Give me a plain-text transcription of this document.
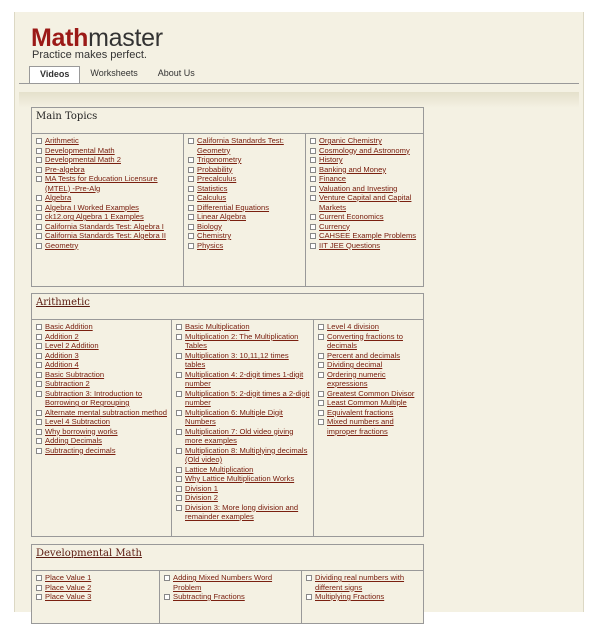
Mathmaster
Practice makes perfect.
Videos	Worksheets	About Us
Main Topics
Arithmetic
Developmental Math
Developmental Math 2
Pre-algebra
MA Tests for Education Licensure (MTEL) -Pre-Alg
Algebra
Algebra I Worked Examples
ck12.org Algebra 1 Examples
California Standards Test: Algebra I
California Standards Test: Algebra II
Geometry
California Standards Test: Geometry
Trigonometry
Probability
Precalculus
Statistics
Calculus
Differential Equations
Linear Algebra
Biology
Chemistry
Physics
Organic Chemistry
Cosmology and Astronomy
History
Banking and Money
Finance
Valuation and Investing
Venture Capital and Capital Markets
Current Economics
Currency
CAHSEE Example Problems
IIT JEE Questions
Arithmetic
Basic Addition
Addition 2
Level 2 Addition
Addition 3
Addition 4
Basic Subtraction
Subtraction 2
Subtraction 3: Introduction to Borrowing or Regrouping
Alternate mental subtraction method
Level 4 Subtraction
Why borrowing works
Adding Decimals
Subtracting decimals
Basic Multiplication
Multiplication 2: The Multiplication Tables
Multiplication 3: 10,11,12 times tables
Multiplication 4: 2-digit times 1-digit number
Multiplication 5: 2-digit times a 2-digit number
Multiplication 6: Multiple Digit Numbers
Multiplication 7: Old video giving more examples
Multiplication 8: Multiplying decimals (Old video)
Lattice Multiplication
Why Lattice Multiplication Works
Division 1
Division 2
Division 3: More long division and remainder examples
Level 4 division
Converting fractions to decimals
Percent and decimals
Dividing decimal
Ordering numeric expressions
Greatest Common Divisor
Least Common Multiple
Equivalent fractions
Mixed numbers and improper fractions
Developmental Math
Place Value 1
Place Value 2
Place Value 3
Adding Mixed Numbers Word Problem
Subtracting Fractions
Dividing real numbers with different signs
Multiplying Fractions
